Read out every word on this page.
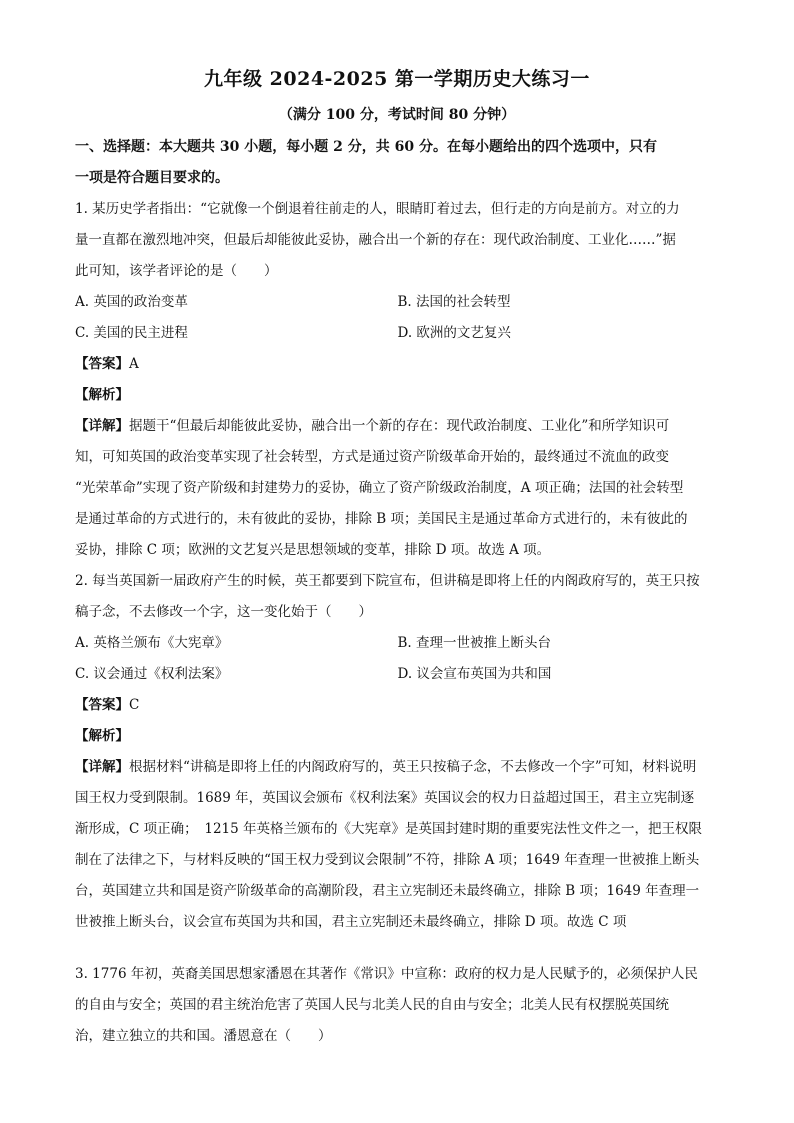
九年级 2024-2025 第一学期历史大练习一
（满分 100 分，考试时间 80 分钟）
一、选择题：本大题共 30 小题，每小题 2 分，共 60 分。在每小题给出的四个选项中，只有
一项是符合题目要求的。
1. 某历史学者指出：“它就像一个倒退着往前走的人，眼睛盯着过去，但行走的方向是前方。对立的力
量一直都在激烈地冲突，但最后却能彼此妥协，融合出一个新的存在：现代政治制度、工业化……”据
此可知，该学者评论的是（　　）
A. 英国的政治变革	B. 法国的社会转型
C. 美国的民主进程	D. 欧洲的文艺复兴
【答案】A
【解析】
【详解】据题干“但最后却能彼此妥协，融合出一个新的存在：现代政治制度、工业化”和所学知识可
知，可知英国的政治变革实现了社会转型，方式是通过资产阶级革命开始的，最终通过不流血的政变
“光荣革命”实现了资产阶级和封建势力的妥协，确立了资产阶级政治制度，A 项正确；法国的社会转型
是通过革命的方式进行的，未有彼此的妥协，排除 B 项；美国民主是通过革命方式进行的，未有彼此的
妥协，排除 C 项；欧洲的文艺复兴是思想领域的变革，排除 D 项。故选 A 项。
2. 每当英国新一届政府产生的时候，英王都要到下院宣布，但讲稿是即将上任的内阁政府写的，英王只按
稿子念，不去修改一个字，这一变化始于（　　）
A. 英格兰颁布《大宪章》	B. 查理一世被推上断头台
C. 议会通过《权利法案》	D. 议会宣布英国为共和国
【答案】C
【解析】
【详解】根据材料“讲稿是即将上任的内阁政府写的，英王只按稿子念，不去修改一个字”可知，材料说明
国王权力受到限制。1689 年，英国议会颁布《权利法案》英国议会的权力日益超过国王，君主立宪制逐
渐形成，C 项正确；　1215 年英格兰颁布的《大宪章》是英国封建时期的重要宪法性文件之一，把王权限
制在了法律之下，与材料反映的“国王权力受到议会限制”不符，排除 A 项；1649 年查理一世被推上断头
台，英国建立共和国是资产阶级革命的高潮阶段，君主立宪制还未最终确立，排除 B 项；1649 年查理一
世被推上断头台，议会宣布英国为共和国，君主立宪制还未最终确立，排除 D 项。故选 C 项
3. 1776 年初，英裔美国思想家潘恩在其著作《常识》中宣称：政府的权力是人民赋予的，必须保护人民
的自由与安全；英国的君主统治危害了英国人民与北美人民的自由与安全；北美人民有权摆脱英国统
治，建立独立的共和国。潘恩意在（　　）
